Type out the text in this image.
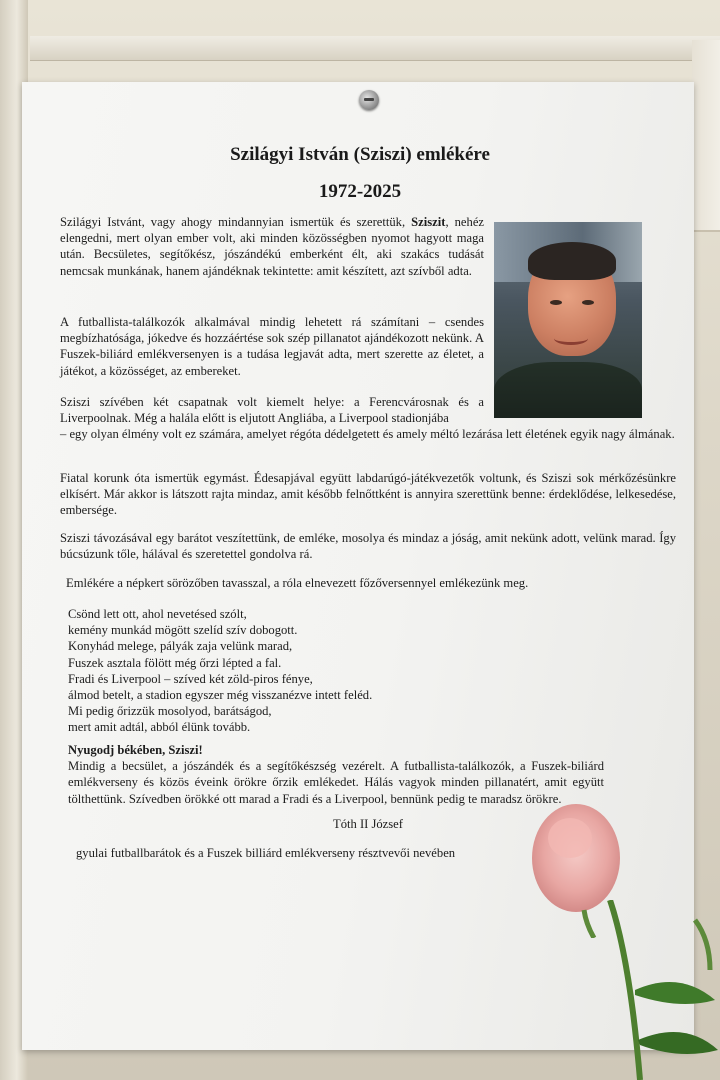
Szilágyi István (Sziszi) emlékére
1972-2025
Szilágyi Istvánt, vagy ahogy mindannyian ismertük és szerettük, Sziszit, nehéz elengedni, mert olyan ember volt, aki minden közösségben nyomot hagyott maga után. Becsületes, segítőkész, jószándékú emberként élt, aki szakács tudását nemcsak munkának, hanem ajándéknak tekintette: amit készített, azt szívből adta.
A futballista-találkozók alkalmával mindig lehetett rá számítani – csendes megbízhatósága, jókedve és hozzáértése sok szép pillanatot ajándékozott nekünk. A Fuszek-biliárd emlékversenyen is a tudása legjavát adta, mert szerette az életet, a játékot, a közösséget, az embereket.
Sziszi szívében két csapatnak volt kiemelt helye: a Ferencvárosnak és a Liverpoolnak. Még a halála előtt is eljutott Angliába, a Liverpool stadionjába
– egy olyan élmény volt ez számára, amelyet régóta dédelgetett és amely méltó lezárása lett életének egyik nagy álmának.
Fiatal korunk óta ismertük egymást. Édesapjával együtt labdarúgó-játékvezetők voltunk, és Sziszi sok mérkőzésünkre elkísért. Már akkor is látszott rajta mindaz, amit később felnőttként is annyira szerettünk benne: érdeklődése, lelkesedése, embersége.
Sziszi távozásával egy barátot veszítettünk, de emléke, mosolya és mindaz a jóság, amit nekünk adott, velünk marad. Így búcsúzunk tőle, hálával és szeretettel gondolva rá.
Emlékére a népkert sörözőben tavasszal, a róla elnevezett főzőversennyel emlékezünk meg.
Csönd lett ott, ahol nevetésed szólt,
kemény munkád mögött szelíd szív dobogott.
Konyhád melege, pályák zaja velünk marad,
Fuszek asztala fölött még őrzi lépted a fal.
Fradi és Liverpool – szíved két zöld-piros fénye,
álmod betelt, a stadion egyszer még visszanézve intett feléd.
Mi pedig őrizzük mosolyod, barátságod,
mert amit adtál, abból élünk tovább.
Nyugodj békében, Sziszi!
Mindig a becsület, a jószándék és a segítőkészség vezérelt. A futballista-találkozók, a Fuszek-biliárd emlékverseny és közös éveink örökre őrzik emlékedet. Hálás vagyok minden pillanatért, amit együtt tölthettünk. Szívedben örökké ott marad a Fradi és a Liverpool, bennünk pedig te maradsz örökre.
Tóth II József
gyulai futballbarátok és a Fuszek billiárd emlékverseny résztvevői nevében
